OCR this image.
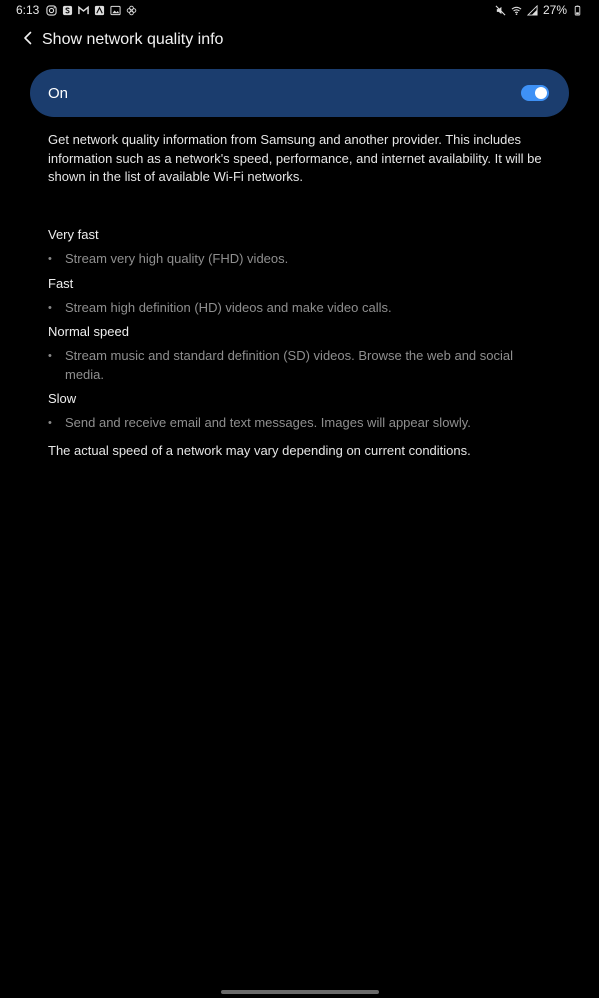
6:13	27%
Show network quality info
On

Get network quality information from Samsung and another provider. This includes information such as a network's speed, performance, and internet availability. It will be shown in the list of available Wi-Fi networks.

Very fast

•	Stream very high quality (FHD) videos.

Fast

•	Stream high definition (HD) videos and make video calls.

Normal speed

•	Stream music and standard definition (SD) videos. Browse the web and social media.

Slow

•	Send and receive email and text messages. Images will appear slowly.

The actual speed of a network may vary depending on current conditions.
